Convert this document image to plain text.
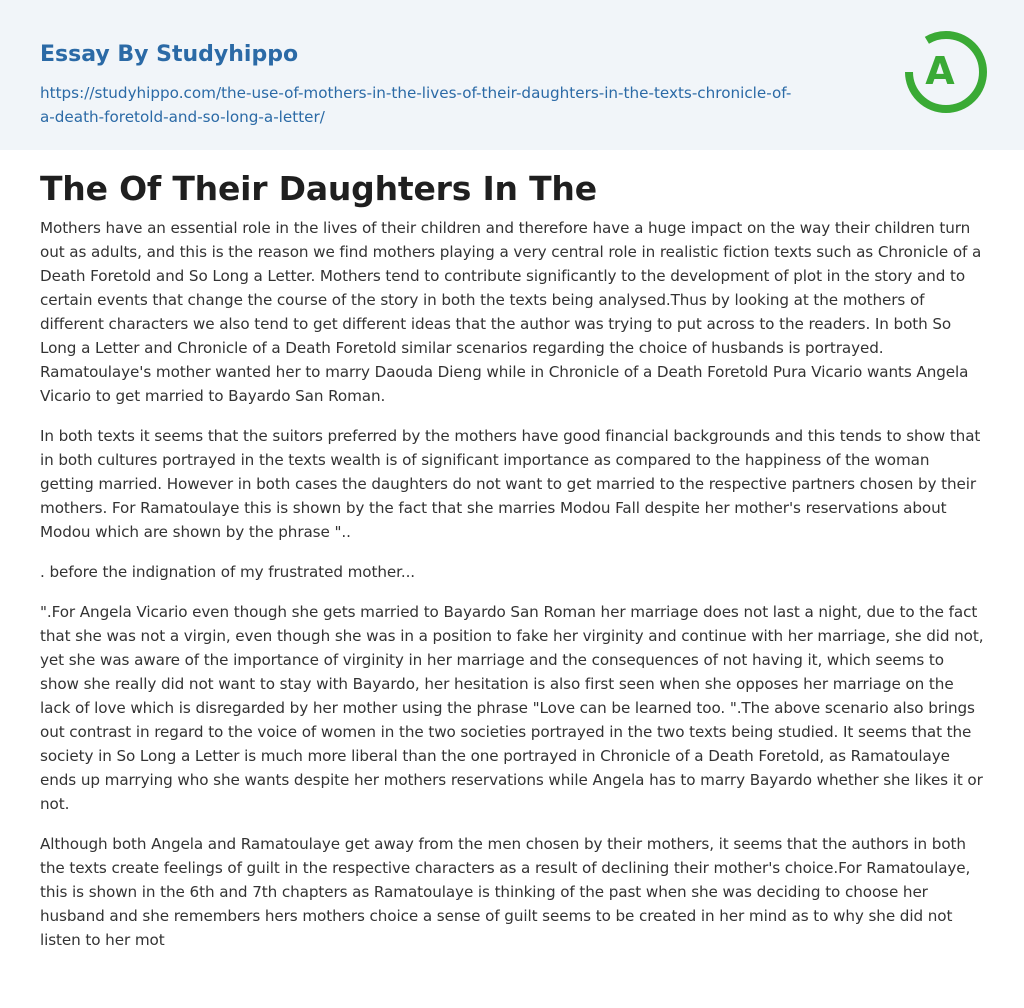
Essay By Studyhippo
https://studyhippo.com/the-use-of-mothers-in-the-lives-of-their-daughters-in-the-texts-chronicle-of-a-death-foretold-and-so-long-a-letter/
A
The Of Their Daughters In The

Mothers have an essential role in the lives of their children and therefore have a huge impact on the way their children turn out as adults, and this is the reason we find mothers playing a very central role in realistic fiction texts such as Chronicle of a Death Foretold and So Long a Letter. Mothers tend to contribute significantly to the development of plot in the story and to certain events that change the course of the story in both the texts being analysed.Thus by looking at the mothers of different characters we also tend to get different ideas that the author was trying to put across to the readers. In both So Long a Letter and Chronicle of a Death Foretold similar scenarios regarding the choice of husbands is portrayed. Ramatoulaye's mother wanted her to marry Daouda Dieng while in Chronicle of a Death Foretold Pura Vicario wants Angela Vicario to get married to Bayardo San Roman.

In both texts it seems that the suitors preferred by the mothers have good financial backgrounds and this tends to show that in both cultures portrayed in the texts wealth is of significant importance as compared to the happiness of the woman getting married. However in both cases the daughters do not want to get married to the respective partners chosen by their mothers. For Ramatoulaye this is shown by the fact that she marries Modou Fall despite her mother's reservations about Modou which are shown by the phrase "..

. before the indignation of my frustrated mother...

".For Angela Vicario even though she gets married to Bayardo San Roman her marriage does not last a night, due to the fact that she was not a virgin, even though she was in a position to fake her virginity and continue with her marriage, she did not, yet she was aware of the importance of virginity in her marriage and the consequences of not having it, which seems to show she really did not want to stay with Bayardo, her hesitation is also first seen when she opposes her marriage on the lack of love which is disregarded by her mother using the phrase "Love can be learned too. ".The above scenario also brings out contrast in regard to the voice of women in the two societies portrayed in the two texts being studied. It seems that the society in So Long a Letter is much more liberal than the one portrayed in Chronicle of a Death Foretold, as Ramatoulaye ends up marrying who she wants despite her mothers reservations while Angela has to marry Bayardo whether she likes it or not.

Although both Angela and Ramatoulaye get away from the men chosen by their mothers, it seems that the authors in both the texts create feelings of guilt in the respective characters as a result of declining their mother's choice.For Ramatoulaye, this is shown in the 6th and 7th chapters as Ramatoulaye is thinking of the past when she was deciding to choose her husband and she remembers hers mothers choice a sense of guilt seems to be created in her mind as to why she did not listen to her mot
